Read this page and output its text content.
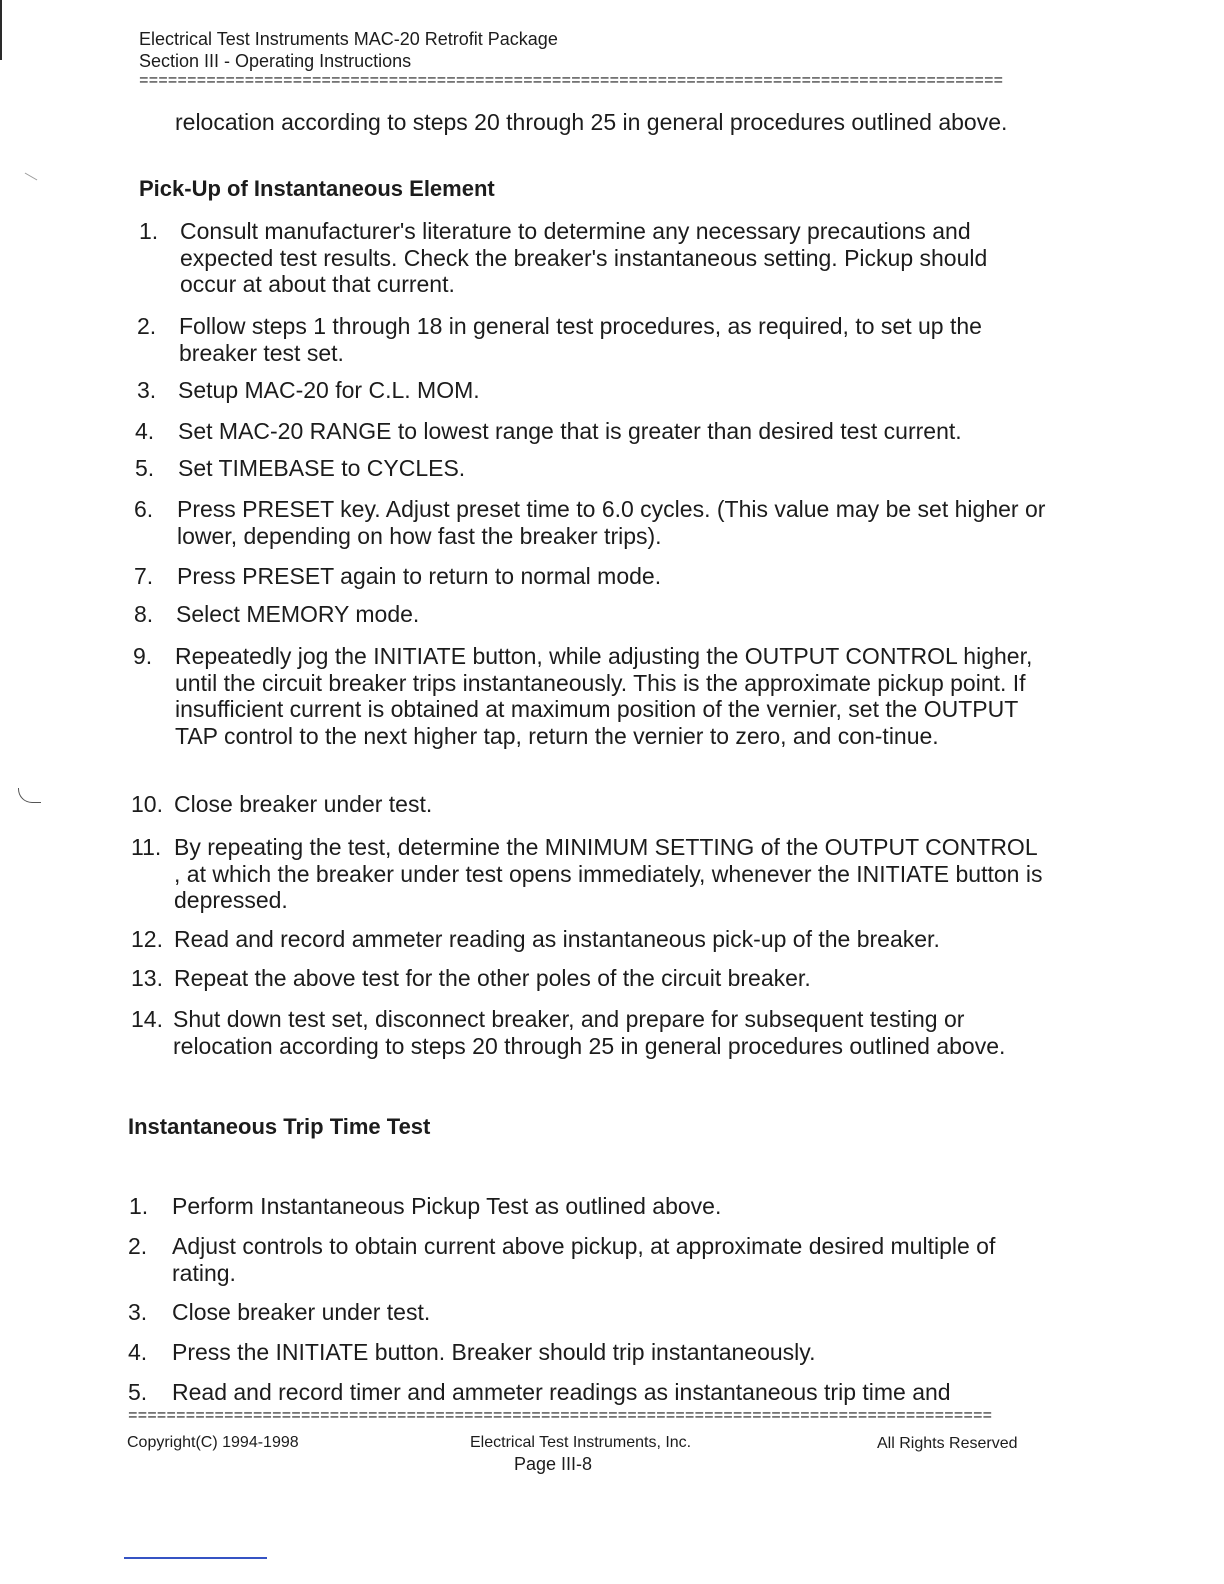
Electrical Test Instruments MAC-20 Retrofit Package
Section III - Operating Instructions
==========================================================================================
relocation according to steps 20 through 25 in general procedures outlined above.
Pick-Up of Instantaneous Element
1. Consult manufacturer's literature to determine any necessary precautions and expected test results. Check the breaker's instantaneous setting. Pickup should occur at about that current.
2. Follow steps 1 through 18 in general test procedures, as required, to set up the breaker test set.
3. Setup MAC-20 for C.L. MOM.
4. Set MAC-20 RANGE to lowest range that is greater than desired test current.
5. Set TIMEBASE to CYCLES.
6. Press PRESET key. Adjust preset time to 6.0 cycles. (This value may be set higher or lower, depending on how fast the breaker trips).
7. Press PRESET again to return to normal mode.
8. Select MEMORY mode.
9. Repeatedly jog the INITIATE button, while adjusting the OUTPUT CONTROL higher, until the circuit breaker trips instantaneously. This is the approximate pickup point. If insufficient current is obtained at maximum position of the vernier, set the OUTPUT TAP control to the next higher tap, return the vernier to zero, and con-tinue.
10. Close breaker under test.
11. By repeating the test, determine the MINIMUM SETTING of the OUTPUT CONTROL , at which the breaker under test opens immediately, whenever the INITIATE button is depressed.
12. Read and record ammeter reading as instantaneous pick-up of the breaker.
13. Repeat the above test for the other poles of the circuit breaker.
14. Shut down test set, disconnect breaker, and prepare for subsequent testing or relocation according to steps 20 through 25 in general procedures outlined above.
Instantaneous Trip Time Test
1. Perform Instantaneous Pickup Test as outlined above.
2. Adjust controls to obtain current above pickup, at approximate desired multiple of rating.
3. Close breaker under test.
4. Press the INITIATE button. Breaker should trip instantaneously.
5. Read and record timer and ammeter readings as instantaneous trip time and
==========================================================================================
Copyright(C) 1994-1998	Electrical Test Instruments, Inc.	All Rights Reserved
Page III-8
